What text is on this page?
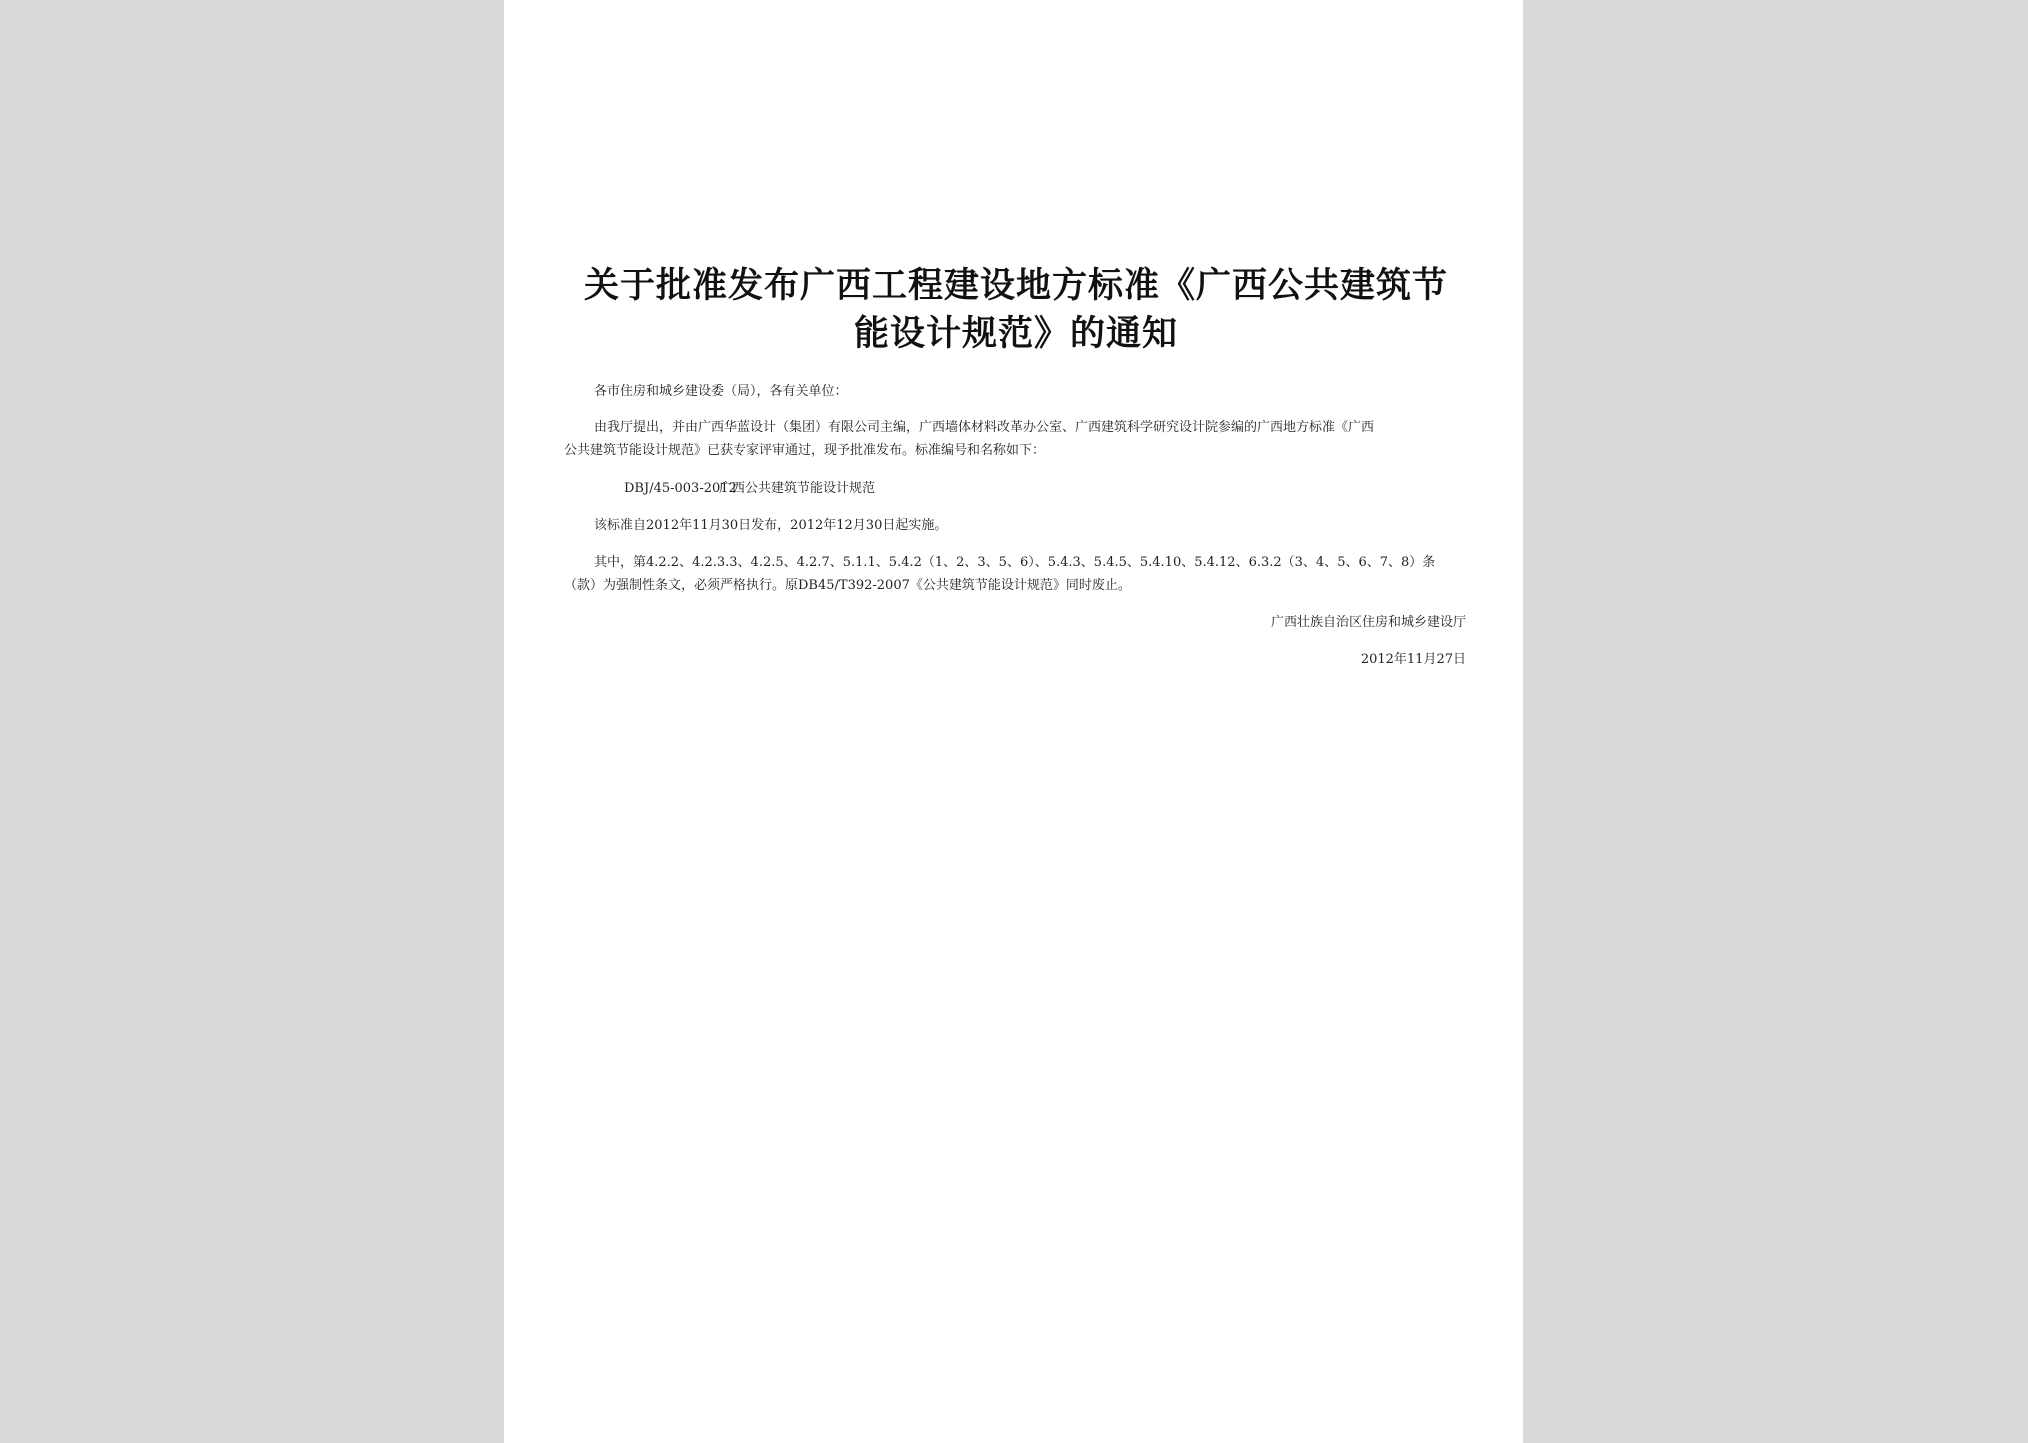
关于批准发布广西工程建设地方标准《广西公共建筑节
能设计规范》的通知

各市住房和城乡建设委（局），各有关单位：

由我厅提出，并由广西华蓝设计（集团）有限公司主编，广西墙体材料改革办公室、广西建筑科学研究设计院参编的广西地方标准《广西
公共建筑节能设计规范》已获专家评审通过，现予批准发布。标准编号和名称如下：

DBJ/45-003-2012广西公共建筑节能设计规范

该标准自2012年11月30日发布，2012年12月30日起实施。

其中，第4.2.2、4.2.3.3、4.2.5、4.2.7、5.1.1、5.4.2（1、2、3、5、6）、5.4.3、5.4.5、5.4.10、5.4.12、6.3.2（3、4、5、6、7、8）条
（款）为强制性条文，必须严格执行。原DB45/T392-2007《公共建筑节能设计规范》同时废止。

广西壮族自治区住房和城乡建设厅

2012年11月27日
